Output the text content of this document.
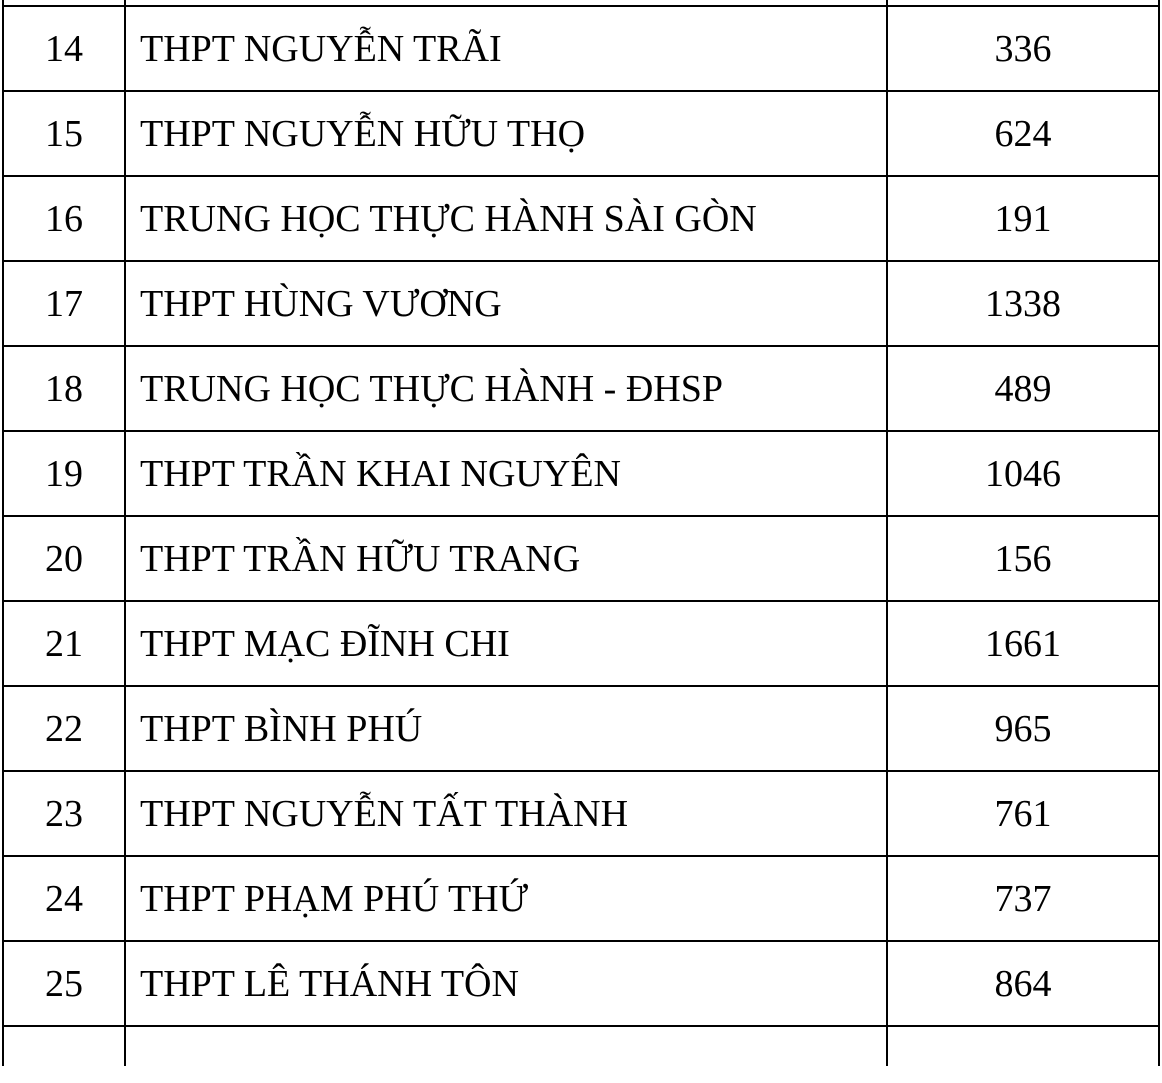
14	THPT NGUYỄN TRÃI	336
15	THPT NGUYỄN HỮU THỌ	624
16	TRUNG HỌC THỰC HÀNH SÀI GÒN	191
17	THPT HÙNG VƯƠNG	1338
18	TRUNG HỌC THỰC HÀNH - ĐHSP	489
19	THPT TRẦN KHAI NGUYÊN	1046
20	THPT TRẦN HỮU TRANG	156
21	THPT MẠC ĐĨNH CHI	1661
22	THPT BÌNH PHÚ	965
23	THPT NGUYỄN TẤT THÀNH	761
24	THPT PHẠM PHÚ THỨ	737
25	THPT LÊ THÁNH TÔN	864
